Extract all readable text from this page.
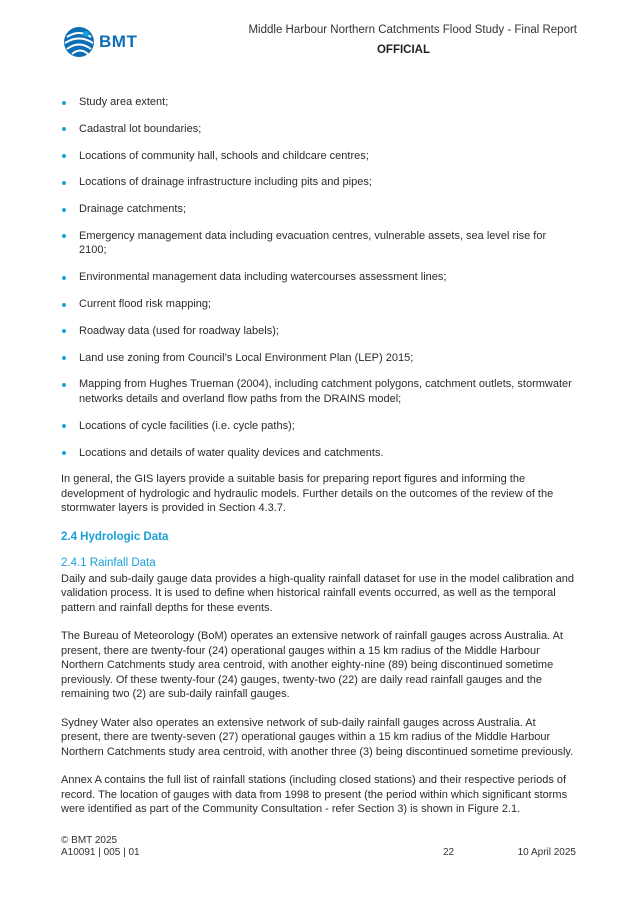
BMT
Middle Harbour Northern Catchments Flood Study - Final Report
OFFICIAL
Study area extent;
Cadastral lot boundaries;
Locations of community hall, schools and childcare centres;
Locations of drainage infrastructure including pits and pipes;
Drainage catchments;
Emergency management data including evacuation centres, vulnerable assets, sea level rise for 2100;
Environmental management data including watercourses assessment lines;
Current flood risk mapping;
Roadway data (used for roadway labels);
Land use zoning from Council’s Local Environment Plan (LEP) 2015;
Mapping from Hughes Trueman (2004), including catchment polygons, catchment outlets, stormwater networks details and overland flow paths from the DRAINS model;
Locations of cycle facilities (i.e. cycle paths);
Locations and details of water quality devices and catchments.

In general, the GIS layers provide a suitable basis for preparing report figures and informing the development of hydrologic and hydraulic models. Further details on the outcomes of the review of the stormwater layers is provided in Section 4.3.7.

2.4 Hydrologic Data
2.4.1 Rainfall Data

Daily and sub-daily gauge data provides a high-quality rainfall dataset for use in the model calibration and validation process. It is used to define when historical rainfall events occurred, as well as the temporal pattern and rainfall depths for these events.

The Bureau of Meteorology (BoM) operates an extensive network of rainfall gauges across Australia. At present, there are twenty-four (24) operational gauges within a 15 km radius of the Middle Harbour Northern Catchments study area centroid, with another eighty-nine (89) being discontinued sometime previously. Of these twenty-four (24) gauges, twenty-two (22) are daily read rainfall gauges and the remaining two (2) are sub-daily rainfall gauges.

Sydney Water also operates an extensive network of sub-daily rainfall gauges across Australia. At present, there are twenty-seven (27) operational gauges within a 15 km radius of the Middle Harbour Northern Catchments study area centroid, with another three (3) being discontinued sometime previously.

Annex A contains the full list of rainfall stations (including closed stations) and their respective periods of record. The location of gauges with data from 1998 to present (the period within which significant storms were identified as part of the Community Consultation - refer Section 3) is shown in Figure 2.1.

© BMT 2025
A10091 | 005 | 01	22	10 April 2025
